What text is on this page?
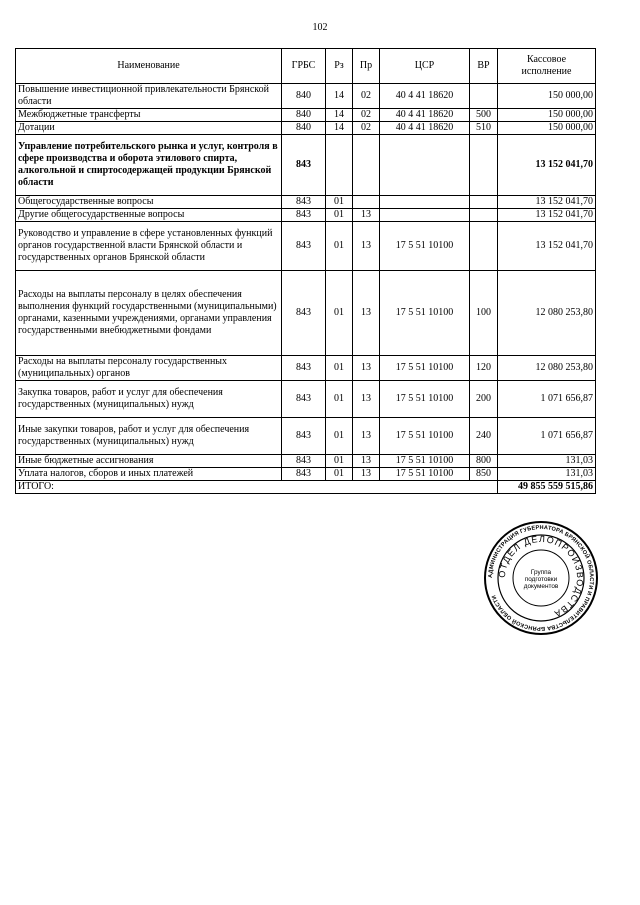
102
Наименование	ГРБС	Рз	Пр	ЦСР	ВР	Кассовое исполнение
Повышение инвестиционной привлекательности Брянской области	840	14	02	40 4 41 18620		150 000,00
Межбюджетные трансферты	840	14	02	40 4 41 18620	500	150 000,00
Дотации	840	14	02	40 4 41 18620	510	150 000,00
Управление потребительского рынка и услуг, контроля в сфере производства и оборота этилового спирта, алкогольной и спиртосодержащей продукции Брянской области	843					13 152 041,70
Общегосударственные вопросы	843	01				13 152 041,70
Другие общегосударственные вопросы	843	01	13			13 152 041,70
Руководство и управление в сфере установленных функций органов государственной власти Брянской области и государственных органов Брянской области	843	01	13	17 5 51 10100		13 152 041,70
Расходы на выплаты персоналу в целях обеспечения выполнения функций государственными (муниципальными) органами, казенными учреждениями, органами управления государственными внебюджетными фондами	843	01	13	17 5 51 10100	100	12 080 253,80
Расходы на выплаты персоналу государственных (муниципальных) органов	843	01	13	17 5 51 10100	120	12 080 253,80
Закупка товаров, работ и услуг для обеспечения государственных (муниципальных) нужд	843	01	13	17 5 51 10100	200	1 071 656,87
Иные закупки товаров, работ и услуг для обеспечения государственных (муниципальных) нужд	843	01	13	17 5 51 10100	240	1 071 656,87
Иные бюджетные ассигнования	843	01	13	17 5 51 10100	800	131,03
Уплата налогов, сборов и иных платежей	843	01	13	17 5 51 10100	850	131,03
ИТОГО:						49 855 559 515,86
АДМИНИСТРАЦИЯ ГУБЕРНАТОРА БРЯНСКОЙ ОБЛАСТИ И ПРАВИТЕЛЬСТВА БРЯНСКОЙ ОБЛАСТИ
ОТДЕЛ ДЕЛОПРОИЗВОДСТВА
Группа
подготовки
документов
